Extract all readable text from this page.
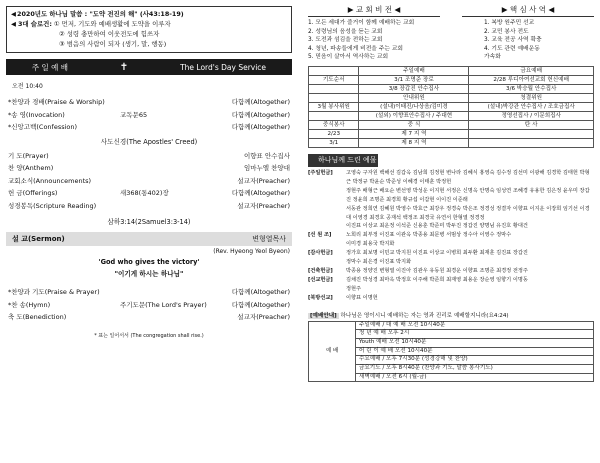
◀2020년도 하나님 말씀 : "도약 전진의 해" (사43:18-19)
◀ 3대 슬로건: ① 먼저, 기도와 예배생활에 도약을 이루자
② 성령 충만하여 이웃전도에 힘쓰자
③ 범음의 사람이 되자 (생기, 말, 행동)
주 일 예 배	✝	The Lord's Day Service
오전 10:40
*찬양과 경배(Praise & Worship)	다함께(Altogether)
*송 영(Invocation)	교독문65	다함께(Altogether)
*신앙고백(Confession)	다함께(Altogether)
사도신경(The Apostles' Creed)
기 도(Prayer)	이향표 안수집사
찬 양(Anthem)	임마누엘 찬양대
교회소식(Announcements)	설교자(Preacher)
헌 금(Offerings)	새368(통402)장	다함께(Altogether)
성경봉독(Scripture Reading)	설교자(Preacher)
삼하3:14(2Samuel3:3-14)
설 교(Sermon)	변형열목사
(Rev. Hyeong Yeol Byeon)
'God who gives the victory'
"이기게 하시는 하나님"
*찬양과 기도(Praise & Prayer)	다함께(Altogether)
*찬 송(Hymn)	주기도문(The Lord's Prayer)	다함께(Altogether)
축 도(Benediction)	설교자(Preacher)
* 표는 일어서서 (The congregation shall rise.)
▶ 교 회 비 전 ◀	▶ 핵 심 사 역 ◀
1. 모든 세대가 즐거이 함께 예배하는 교회
2. 성령님의 음성을 듣는 교회
3. 도전과 섬김을 전하는 교회
4. 청년, 파송들에게 비전을 주는 교회
5. 믿음이 살아서 역사하는 교회
1. 복방 원주민 선교
2. 교민 봉사 전도
3. 교육 전공 사역 확충
4. 기도 관련 예배운동
가속화
	주일예배	금요예배
기도순서	3/1 조명준 장로	2/28 루디아여선교회 헌신예배
	3/8 장갑진 안수집사	3/6 박승월 안수집사
	안내위원	청결위원
3월 봉사위원	(설내)이태진/나상음/김미경	(설내)박강관 안수집사 / 조호금집사
	(설외) 이향표안수집사 / 주대현	정영선집사 / 이문희집사
중식봉사	중 식	탄 사
2/23	제 7 지 역	
3/1	제 8 지 역	
하나님께 드린 예물
[주일헌금]	고영숙 구자원 백해선 김갑옥 김남희 김정현 변나라 김혜식 홍영숙 김수정 김선미 이광해 김경학 김태헌 박형근 박정규 박윤순 박준성 이혜경 이태훈 박정헌
정현주 배형근 배요순 변선영 박성운 이지현 서정은 신명옥 안명숙 임성연 조혜경 유용한 김은정 윤우미 장갑진 정윤희 조명준 최경희 황규섭 이갑현 이이진 이준래
서동관 정희연 김혜원 박영수 박효근 최강우 정경숙 박은조 정경성 정결자 이향표 이지운 이장희 임기선 이경대 이영경 최경호 공재석 백정조 최경국 유연서 한형열 정경정
이진표 이상교 최운정 이석준 신용훈 박준미 박두진 정갑진 양명님 유진호 황대건
[선 원 조]	노희리 최부정 이진표 이관옥 박종용 최문병 서범상 정수아 이영수 정막수
이미경 최용국 박지화
[감사헌금]	정가호 최보명 이민교 박지원 이진표 이상교 이병희 최두환 최재훈 김진표 장갑진
정막수 최은경 이진표 박지화
[건축헌금]	박종용 정양진 변형열 이진아 김관우 유동원 최경운 이향표 조명준 최경정 전정주
[선교헌금]	김채진 박성경 최마옥 박정호 이주해 박준희 최재영 최용운 장순영 임향기 이명동
정현주
[북방선교]	이향표 이명헌
[예배안내] 하나님은 영이시니 예배하는 자는 영과 진리로 예배할지니라(요4:24)
예 배	주일예배 / 대 예 배 오전 10시40분
청 년 예 배 오후 2시
Youth 예배 오전 10시40분
어 린 이 예 배 오전 10시40분
수요예배 / 오후 7시30분 (성경강해 및 찬양)
금요기도 / 오후 8시40분 (찬양과 기도, 말씀 봉사기도)
새벽예배 / 오전 6시 (월-금)
